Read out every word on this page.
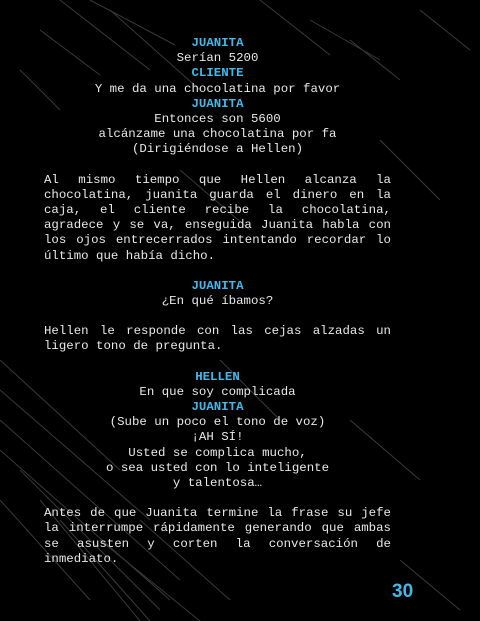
JUANITA
Serían 5200
CLIENTE
Y me da una chocolatina por favor
JUANITA
Entonces son 5600
alcánzame una chocolatina por fa
(Dirigiéndose a Hellen)
Al mismo tiempo que Hellen alcanza la chocolatina, juanita guarda el dinero en la caja, el cliente recibe la chocolatina, agradece y se va, enseguida Juanita habla con los ojos entrecerrados intentando recordar lo último que había dicho.
JUANITA
¿En qué íbamos?
Hellen le responde con las cejas alzadas un ligero tono de pregunta.
HELLEN
En que soy complicada
JUANITA
(Sube un poco el tono de voz)
¡AH SÍ!
Usted se complica mucho,
o sea usted con lo inteligente
y talentosa…
Antes de que Juanita termine la frase su jefe la interrumpe rápidamente generando que ambas se asusten y corten la conversación de inmediato.
30
